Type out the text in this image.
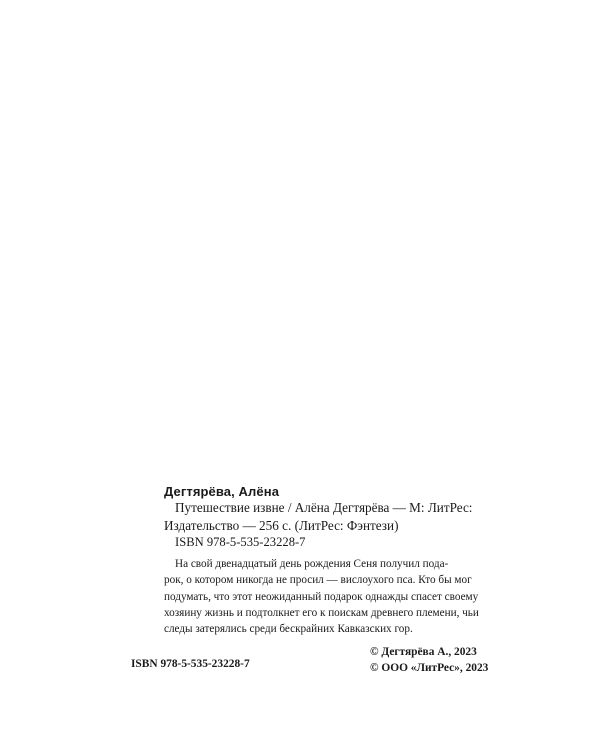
Дегтярёва, Алёна
Путешествие извне / Алёна Дегтярёва — М: ЛитРес:
Издательство — 256 с. (ЛитРес: Фэнтези)
ISBN 978-5-535-23228-7
На свой двенадцатый день рождения Сеня получил пода-
рок, о котором никогда не просил — вислоухого пса. Кто бы мог
подумать, что этот неожиданный подарок однажды спасет своему
хозяину жизнь и подтолкнет его к поискам древнего племени, чьи
следы затерялись среди бескрайних Кавказских гор.
© Дегтярёва А., 2023
© ООО «ЛитРес», 2023
ISBN 978-5-535-23228-7
